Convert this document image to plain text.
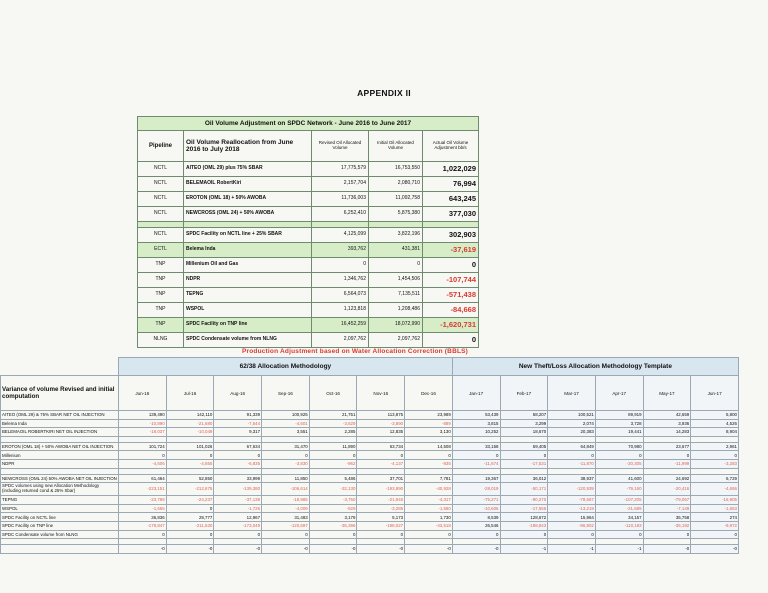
APPENDIX II
Oil Volume Adjustment on SPDC Network - June 2016 to June 2017				
Pipeline	Oil Volume Reallocation from June 2016 to July 2018	Revised Oil Allocated Volume	Initial Oil Allocated Volume	Actual Oil Volume Adjustment bb/s
NCTL	AITEO (OML 29) plus 75% SBAR	17,775,579	16,753,550	1,022,029
NCTL	BELEMAOIL RobertKiri	2,157,704	2,080,710	76,994
NCTL	EROTON (OML 18) + 50% AWOBA	11,736,003	11,092,758	643,245
NCTL	NEWCROSS (OML 24) + 50% AWOBA	6,252,410	5,875,380	377,030

NCTL	SPDC Facility on NCTL line + 25% SBAR	4,125,099	3,822,196	302,903
ECTL	Belema Inda	393,762	431,381	-37,619
TNP	Millenium Oil and Gas	0	0	0
TNP	NDPR	1,346,762	1,454,506	-107,744
TNP	TEPNG	6,564,073	7,135,511	-571,438
TNP	WSPOL	1,123,818	1,208,486	-84,668
TNP	SPDC Facility on TNP line	16,452,259	18,072,990	-1,620,731
NLNG	SPDC Condensate volume from NLNG	2,097,762	2,097,762	0
Production Adjustment based on Water Allocation Correction (BBLS)
	62/38 Allocation Methodology							New Theft/Loss Allocation Methodology Template					
Variance of volume Revised and initial computation	Jun-16	Jul-16	Aug-16	Sep-16	Oct-16	Nov-16	Dec-16	Jan-17	Feb-17	Mar-17	Apr-17	May-17	Jun-17
AITEO (OML 29) & 75% SBAR NET OIL INJECTION	139,490	142,110	91,339	100,925	21,751	113,875	23,989	53,439	58,207	100,521	89,919	42,659	5,800
Belema Inda	-10,890	-21,680	-7,644	-4,601	-3,629	-3,890	-889	3,815	3,299	2,074	3,728	3,936	4,526
BELEMAOIL ROBERTKIRI NET OIL INJECTION	-18,037	-10,049	9,317	3,551	2,285	12,835	3,130	10,252	18,670	20,383	19,441	14,283	8,904

EROTON (OML 18) + 50% AWOBA NET OIL INJECTION	101,724	101,026	67,634	31,470	11,890	63,734	14,508	33,158	59,405	64,849	70,980	23,677	2,961
Millenium	0	0	0	0	0	0	0	0	0	0	0	0	0
NDPR	-4,606	-4,655	-6,835	-3,830	-962	-4,137	-935	-11,674	-17,531	-11,870	-20,305	-11,999	-3,283

NEWCROSS (OML 24) 50% AWOBA NET OIL INJECTION	61,464	52,850	33,999	11,850	5,486	37,701	7,781	19,367	36,012	38,937	41,600	24,692	6,729
SPDC volumes using new Allocation Methodology (including returned cond & 25% Sbar)	-223,151	-212,675	-139,380	-106,614	-32,130	-193,890	-40,928	-28,019	-50,171	-120,939	-79,160	-20,416	-4,656
TEPNG	-23,789	-24,237	-37,138	-18,985	-3,750	-21,945	-4,317	-75,271	-90,270	-78,667	-107,205	-79,067	-16,905
WSPOL	-1,665	0	-1,726	-4,009	-929	-3,285	-1,580	-10,606	-17,555	-13,219	-21,689	-7,149	-1,653
SPDC Facility on NCTL line	36,836	29,777	12,967	31,483	3,179	5,173	1,730	8,539	128,672	15,964	34,157	35,758	274
SPDC Facility on TNP line	-179,847	-211,630	-173,049	-120,697	-35,396	-198,027	-43,518	26,546	-198,843	-96,902	-110,183	-35,192	-9,972
SPDC Condensate volume from NLNG	0	0	0	0	0	0	0	0	0	0	0	0	0

	-0	-0	-0	-0	-0	-0	-0	-0	-1	-1	-1	-0	-0
